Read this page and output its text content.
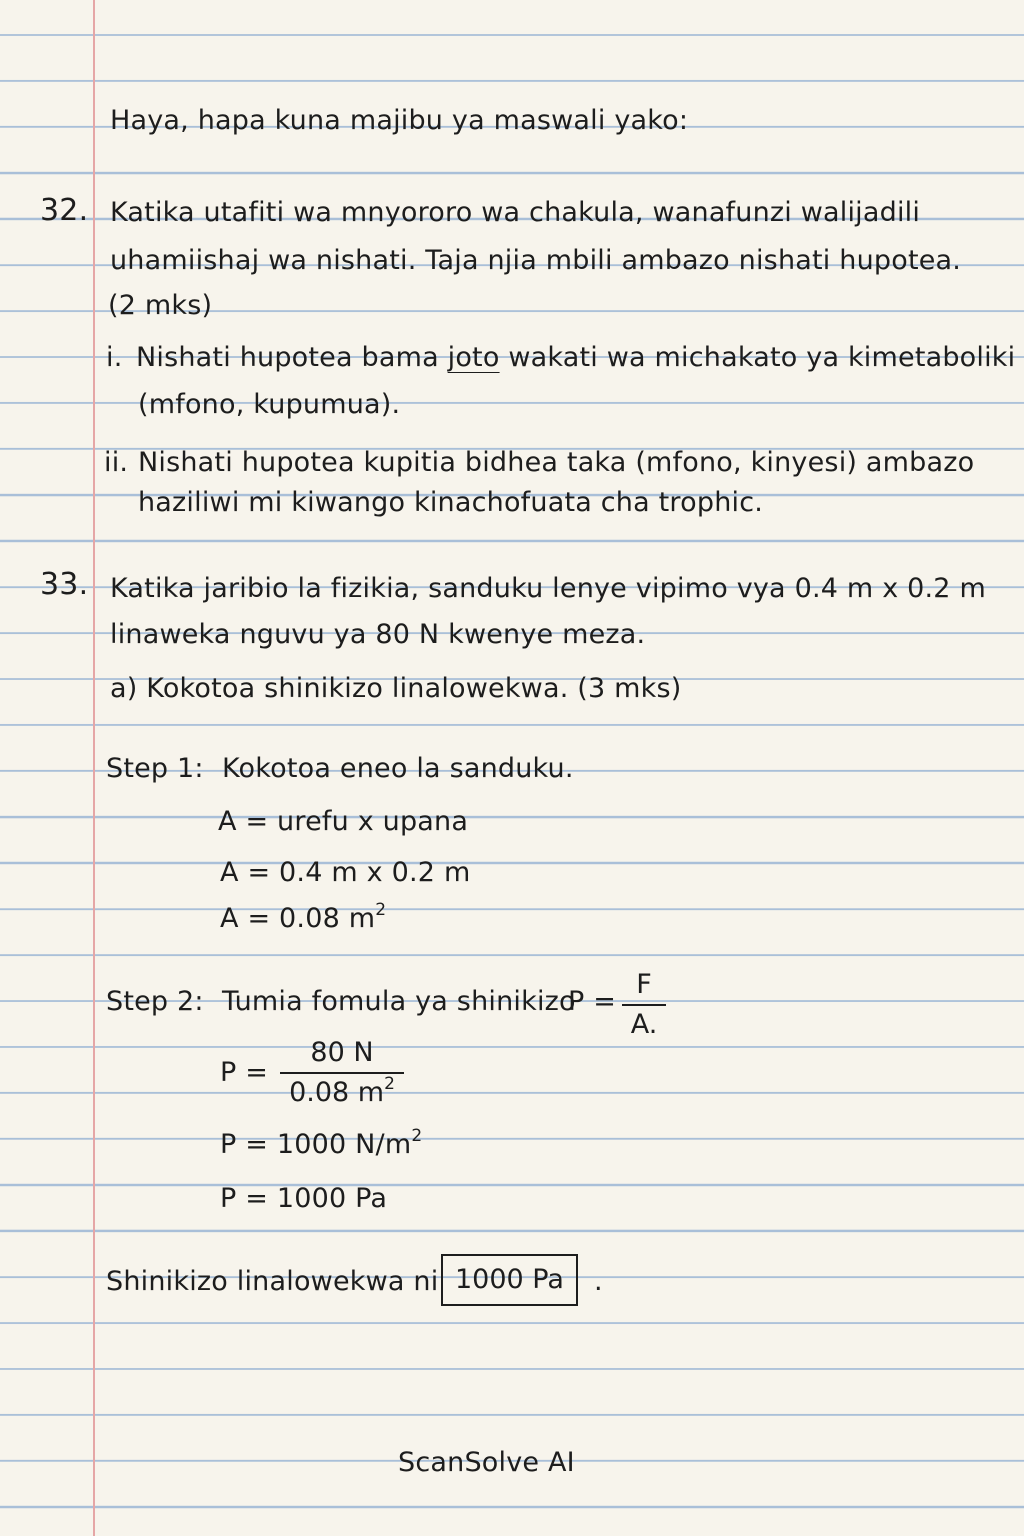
Haya, hapa kuna majibu ya maswali yako:
32. Katika utafiti wa mnyororo wa chakula, wanafunzi walijadili
uhamiishaj wa nishati. Taja njia mbili ambazo nishati hupotea.
(2 mks)
i. Nishati hupotea bama joto wakati wa michakato ya kimetaboliki
(mfono, kupumua).
ii. Nishati hupotea kupitia bidhea taka (mfono, kinyesi) ambazo
haziliwi mi kiwango kinachofuata cha trophic.
33. Katika jaribio la fizikia, sanduku lenye vipimo vya 0.4 m x 0.2 m
linaweka nguvu ya 80 N kwenye meza.
a) Kokotoa shinikizo linalowekwa. (3 mks)
Step 1: Kokotoa eneo la sanduku.
A = urefu x upana
A = 0.4 m x 0.2 m
A = 0.08 $m^2$
Step 2: Tumia fomula ya shinikizo
P =
F
A.
P =
80 N
0.08 $m^2$
P = 1000 $N/m^2$
P = 1000 Pa
Shinikizo linalowekwa ni 1000 Pa	.
ScanSolve AI
